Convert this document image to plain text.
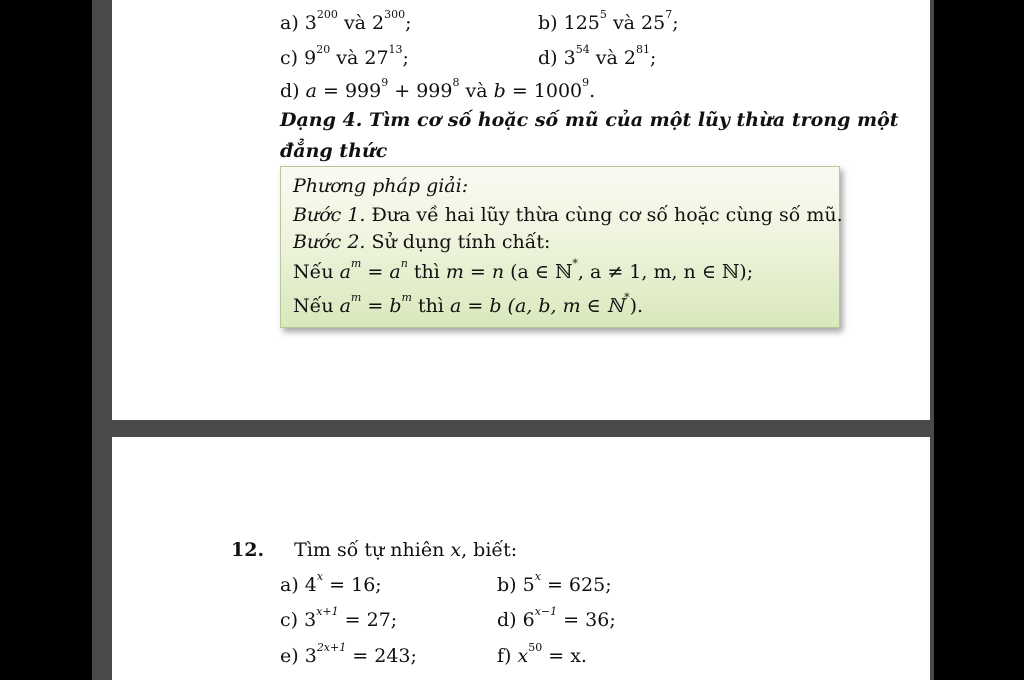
a) $3^{200}$ và $2^{300}$;	b) $125^5$ và $25^7$;
c) $9^{20}$ và $27^{13}$;	d) $3^{54}$ và $2^{81}$;
d) $a = 999^9 + 999^8$ và $b = 1000^9$.
Dạng 4. Tìm cơ số hoặc số mũ của một lũy thừa trong một
đẳng thức
Phương pháp giải:
Bước 1. Đưa về hai lũy thừa cùng cơ số hoặc cùng số mũ.
Bước 2. Sử dụng tính chất:
Nếu $a^m = a^n$ thì m = n (a ∈ ℕ*, a ≠ 1, m, n ∈ ℕ);
Nếu $a^m = b^m$ thì a = b (a, b, m ∈ ℕ*).
12. Tìm số tự nhiên x, biết:
a) $4^x = 16$;	b) $5^x = 625$;
c) $3^{x+1} = 27$;	d) $6^{x-1} = 36$;
e) $3^{2x+1} = 243$;	f) $x^{50} = x$.
